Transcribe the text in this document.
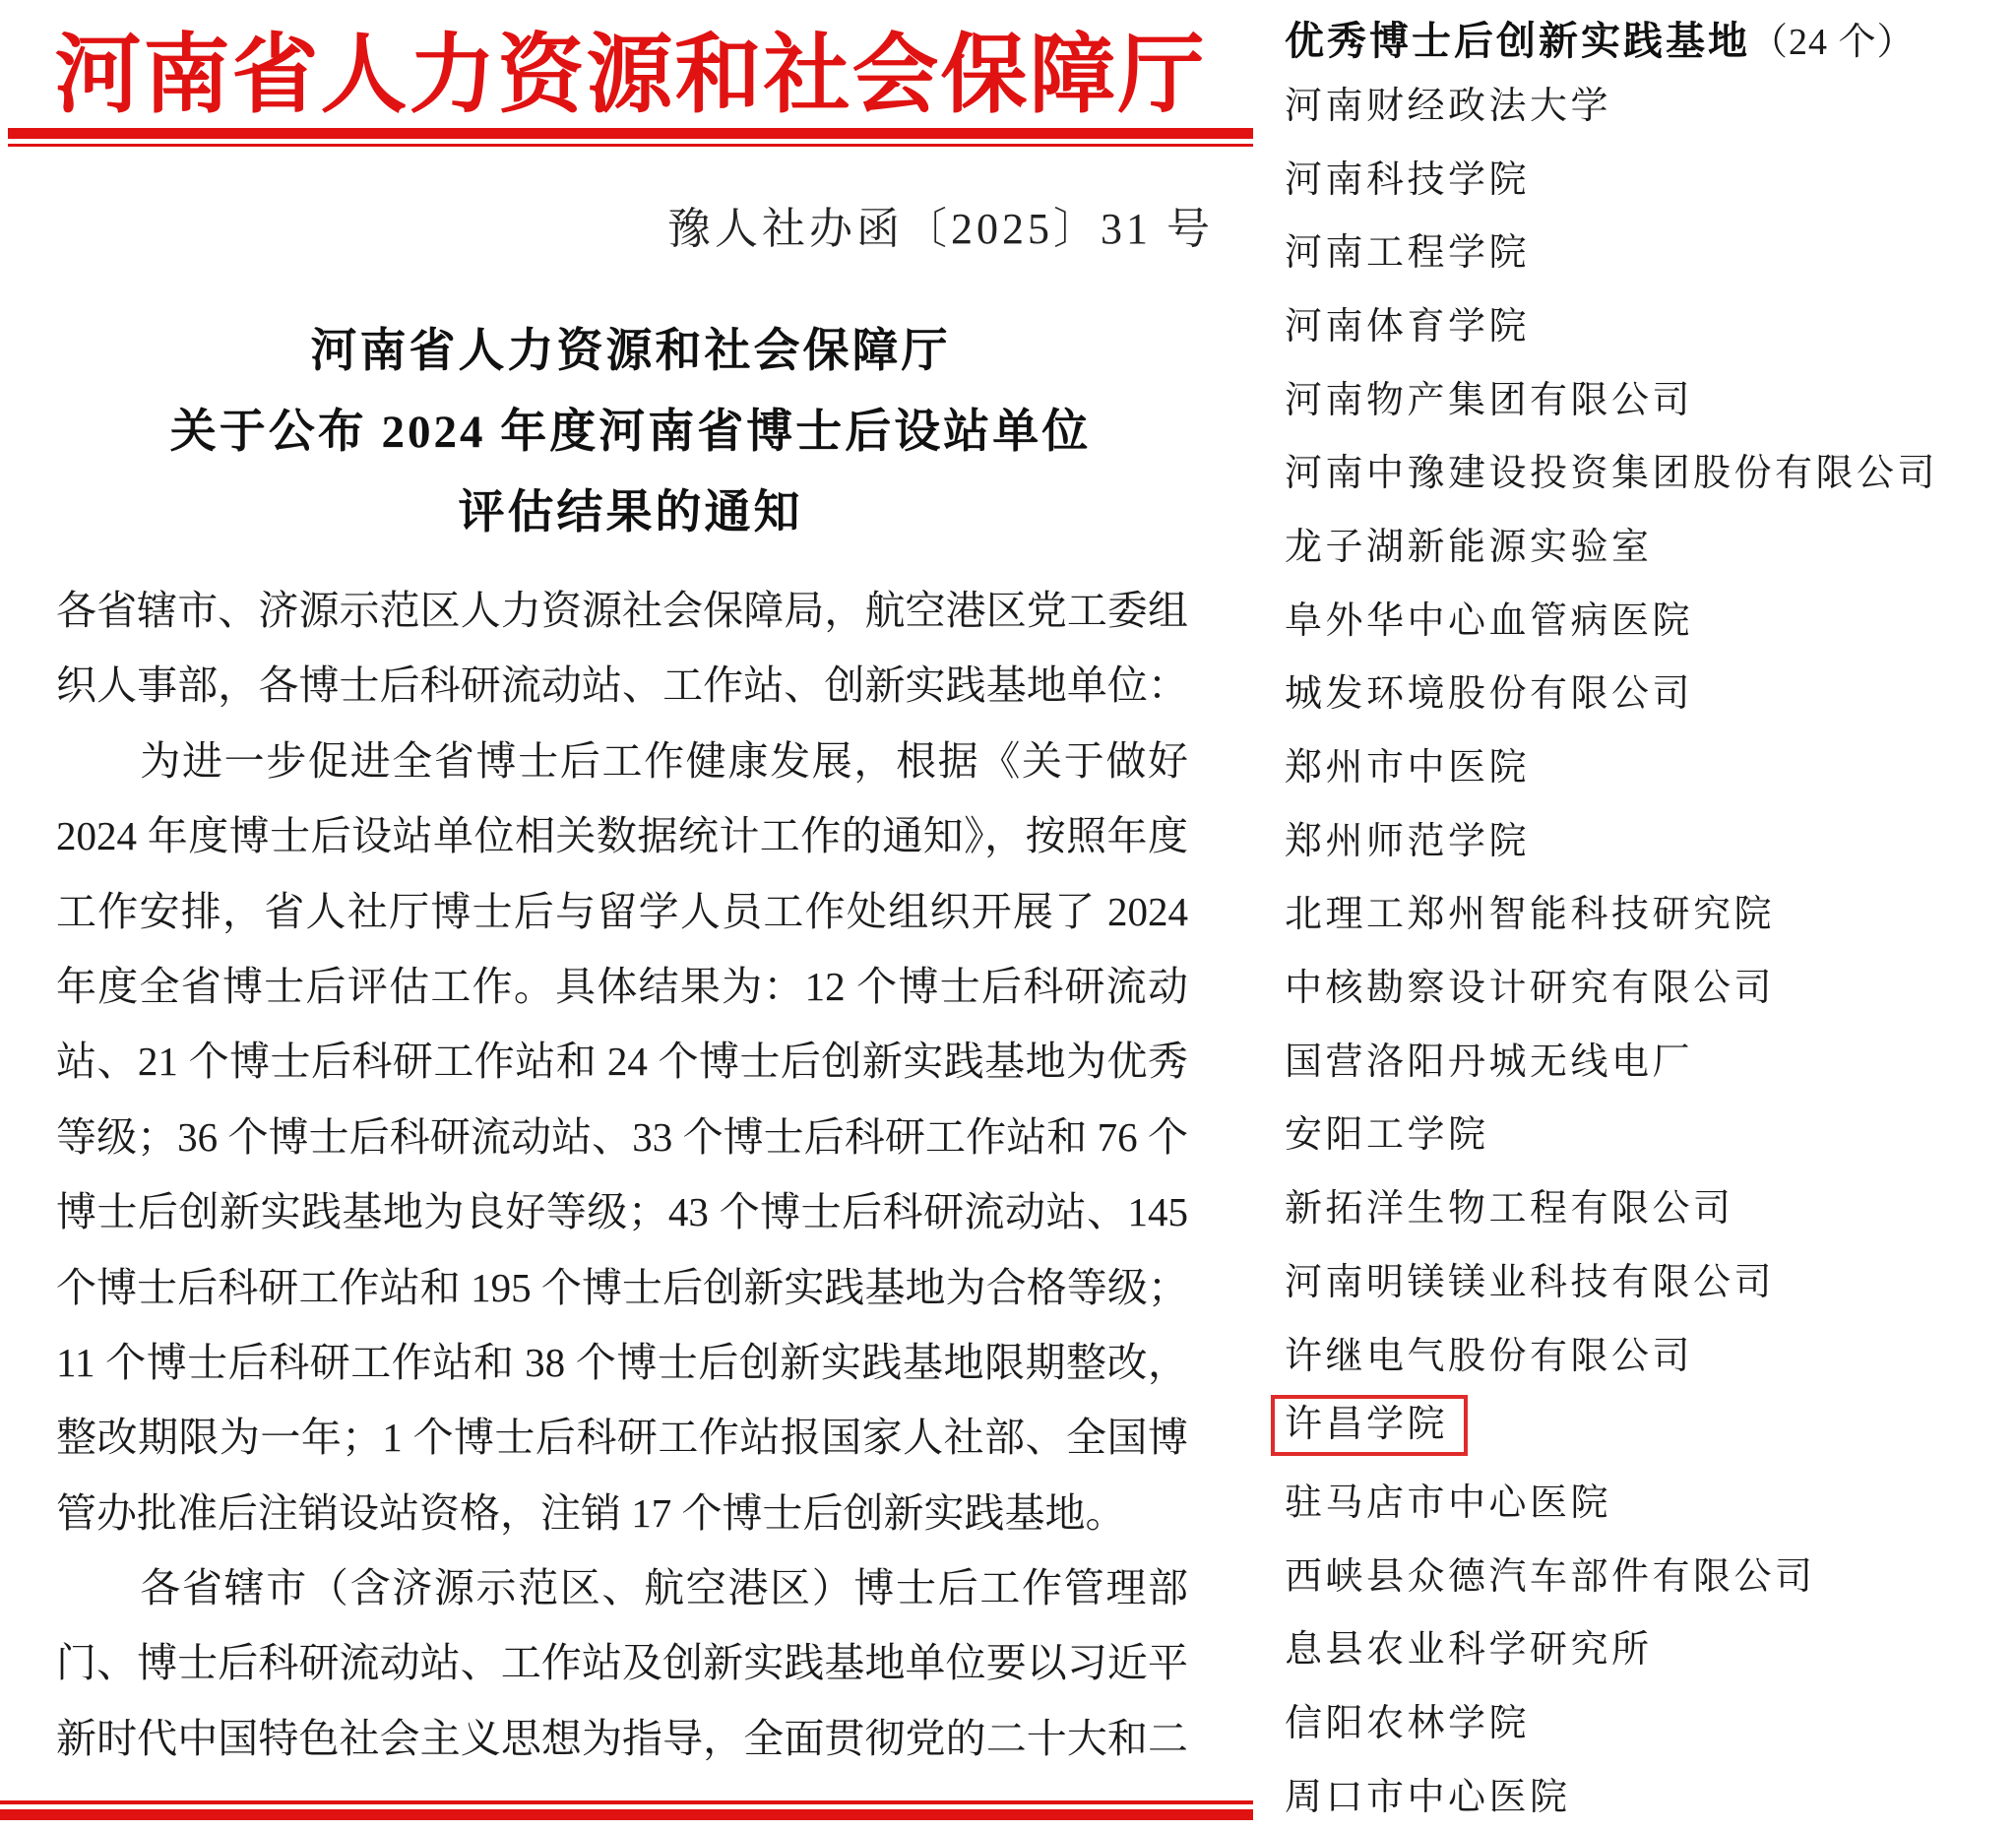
河南省人力资源和社会保障厅
豫人社办函〔2025〕31 号
河南省人力资源和社会保障厅
关于公布 2024 年度河南省博士后设站单位
评估结果的通知
各省辖市、济源示范区人力资源社会保障局，航空港区党工委组
织人事部，各博士后科研流动站、工作站、创新实践基地单位：
　　为进一步促进全省博士后工作健康发展，根据《关于做好
2024 年度博士后设站单位相关数据统计工作的通知》，按照年度
工作安排，省人社厅博士后与留学人员工作处组织开展了 2024
年度全省博士后评估工作。具体结果为：12 个博士后科研流动
站、21 个博士后科研工作站和 24 个博士后创新实践基地为优秀
等级；36 个博士后科研流动站、33 个博士后科研工作站和 76 个
博士后创新实践基地为良好等级；43 个博士后科研流动站、145
个博士后科研工作站和 195 个博士后创新实践基地为合格等级；
11 个博士后科研工作站和 38 个博士后创新实践基地限期整改，
整改期限为一年；1 个博士后科研工作站报国家人社部、全国博
管办批准后注销设站资格，注销 17 个博士后创新实践基地。
　　各省辖市（含济源示范区、航空港区）博士后工作管理部
门、博士后科研流动站、工作站及创新实践基地单位要以习近平
新时代中国特色社会主义思想为指导，全面贯彻党的二十大和二
优秀博士后创新实践基地（24 个）
河南财经政法大学
河南科技学院
河南工程学院
河南体育学院
河南物产集团有限公司
河南中豫建设投资集团股份有限公司
龙子湖新能源实验室
阜外华中心血管病医院
城发环境股份有限公司
郑州市中医院
郑州师范学院
北理工郑州智能科技研究院
中核勘察设计研究有限公司
国营洛阳丹城无线电厂
安阳工学院
新拓洋生物工程有限公司
河南明镁镁业科技有限公司
许继电气股份有限公司
许昌学院
驻马店市中心医院
西峡县众德汽车部件有限公司
息县农业科学研究所
信阳农林学院
周口市中心医院
